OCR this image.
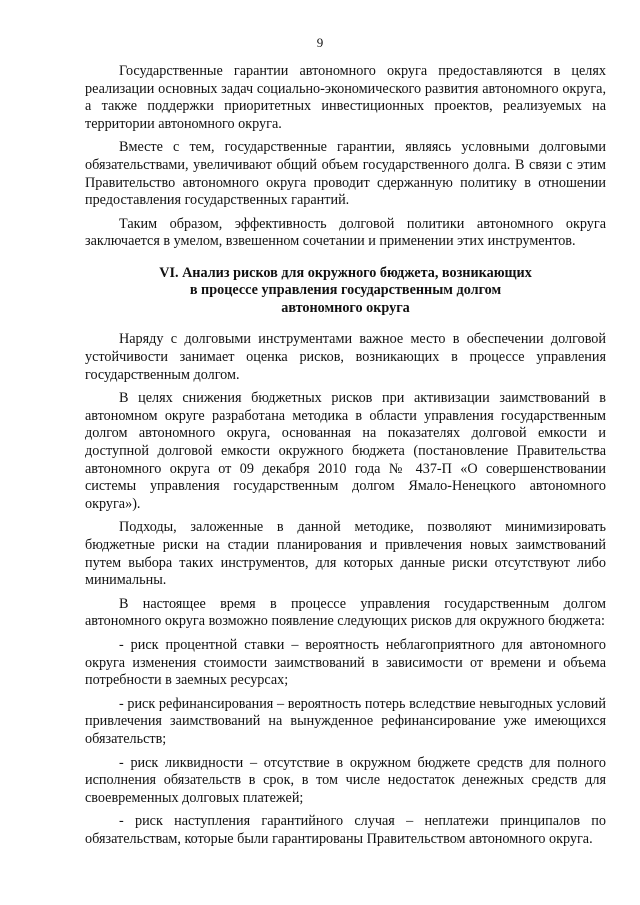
9

Государственные гарантии автономного округа предоставляются в целях реализации основных задач социально-экономического развития автономного округа, а также поддержки приоритетных инвестиционных проектов, реализуемых на территории автономного округа.

Вместе с тем, государственные гарантии, являясь условными долговыми обязательствами, увеличивают общий объем государственного долга. В связи с этим Правительство автономного округа проводит сдержанную политику в отношении предоставления государственных гарантий.

Таким образом, эффективность долговой политики автономного округа заключается в умелом, взвешенном сочетании и применении этих инструментов.

VI. Анализ рисков для окружного бюджета, возникающих
в процессе управления государственным долгом
автономного округа

Наряду с долговыми инструментами важное место в обеспечении долговой устойчивости занимает оценка рисков, возникающих в процессе управления государственным долгом.

В целях снижения бюджетных рисков при активизации заимствований в автономном округе разработана методика в области управления государственным долгом автономного округа, основанная на показателях долговой емкости и доступной долговой емкости окружного бюджета (постановление Правительства автономного округа от 09 декабря 2010 года № 437-П «О совершенствовании системы управления государственным долгом Ямало-Ненецкого автономного округа»).

Подходы, заложенные в данной методике, позволяют минимизировать бюджетные риски на стадии планирования и привлечения новых заимствований путем выбора таких инструментов, для которых данные риски отсутствуют либо минимальны.

В настоящее время в процессе управления государственным долгом автономного округа возможно появление следующих рисков для окружного бюджета:

- риск процентной ставки – вероятность неблагоприятного для автономного округа изменения стоимости заимствований в зависимости от времени и объема потребности в заемных ресурсах;

- риск рефинансирования – вероятность потерь вследствие невыгодных условий привлечения заимствований на вынужденное рефинансирование уже имеющихся обязательств;

- риск ликвидности – отсутствие в окружном бюджете средств для полного исполнения обязательств в срок, в том числе недостаток денежных средств для своевременных долговых платежей;

- риск наступления гарантийного случая – неплатежи принципалов по обязательствам, которые были гарантированы Правительством автономного округа.
